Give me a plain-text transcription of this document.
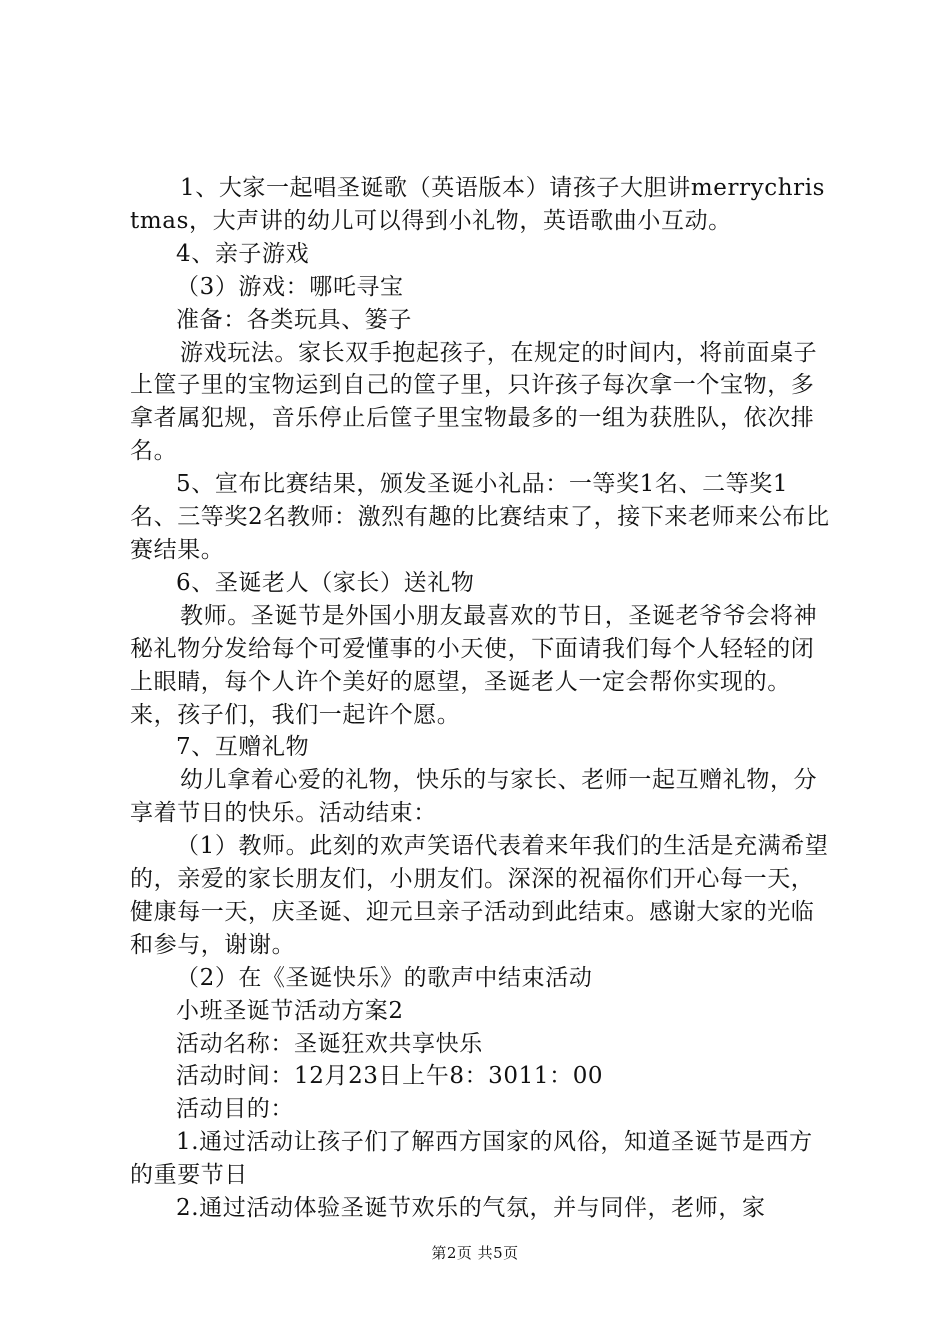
1、大家一起唱圣诞歌（英语版本）请孩子大胆讲merrychristmas，大声讲的幼儿可以得到小礼物，英语歌曲小互动。

4、亲子游戏

（3）游戏：哪吒寻宝

准备：各类玩具、篓子

游戏玩法。家长双手抱起孩子，在规定的时间内，将前面桌子上筐子里的宝物运到自己的筐子里，只许孩子每次拿一个宝物，多拿者属犯规，音乐停止后筐子里宝物最多的一组为获胜队，依次排名。

5、宣布比赛结果，颁发圣诞小礼品：一等奖1名、二等奖1名、三等奖2名教师：激烈有趣的比赛结束了，接下来老师来公布比赛结果。

6、圣诞老人（家长）送礼物

教师。圣诞节是外国小朋友最喜欢的节日，圣诞老爷爷会将神秘礼物分发给每个可爱懂事的小天使，下面请我们每个人轻轻的闭上眼睛，每个人许个美好的愿望，圣诞老人一定会帮你实现的。来，孩子们，我们一起许个愿。

7、互赠礼物

幼儿拿着心爱的礼物，快乐的与家长、老师一起互赠礼物，分享着节日的快乐。活动结束：

（1）教师。此刻的欢声笑语代表着来年我们的生活是充满希望的，亲爱的家长朋友们，小朋友们。深深的祝福你们开心每一天，健康每一天，庆圣诞、迎元旦亲子活动到此结束。感谢大家的光临和参与，谢谢。

（2）在《圣诞快乐》的歌声中结束活动

小班圣诞节活动方案2

活动名称：圣诞狂欢共享快乐

活动时间：12月23日上午8：3011：00

活动目的：

1.通过活动让孩子们了解西方国家的风俗，知道圣诞节是西方的重要节日

2.通过活动体验圣诞节欢乐的气氛，并与同伴，老师，家

第2页 共5页
